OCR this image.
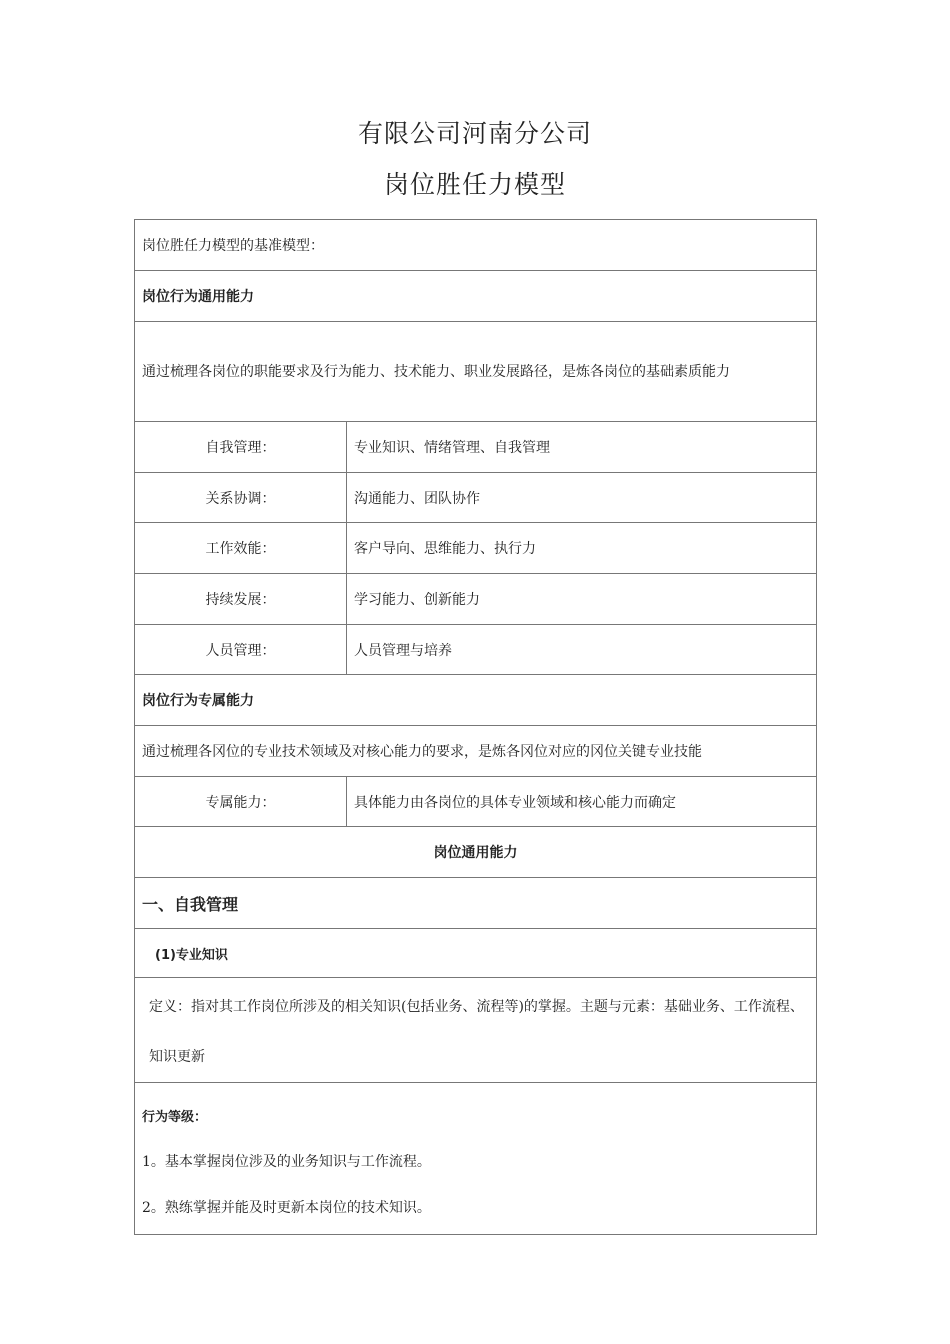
有限公司河南分公司
岗位胜任力模型
岗位胜任力模型的基准模型：	
岗位行为通用能力	
通过梳理各岗位的职能要求及行为能力、技术能力、职业发展路径，是炼各岗位的基础素质能力	
自我管理：	专业知识、情绪管理、自我管理
关系协调：	沟通能力、团队协作
工作效能：	客户导向、思维能力、执行力
持续发展：	学习能力、创新能力
人员管理：	人员管理与培养
岗位行为专属能力	
通过梳理各冈位的专业技术领域及对核心能力的要求，是炼各冈位对应的冈位关键专业技能	
专属能力：	具体能力由各岗位的具体专业领域和核心能力而确定
岗位通用能力	
一、自我管理	
(1)专业知识	
定义：指对其工作岗位所涉及的相关知识(包括业务、流程等)的掌握。主题与元素：基础业务、工作流程、知识更新	

行为等级：

1。基本掌握岗位涉及的业务知识与工作流程。

2。熟练掌握并能及时更新本岗位的技术知识。	
